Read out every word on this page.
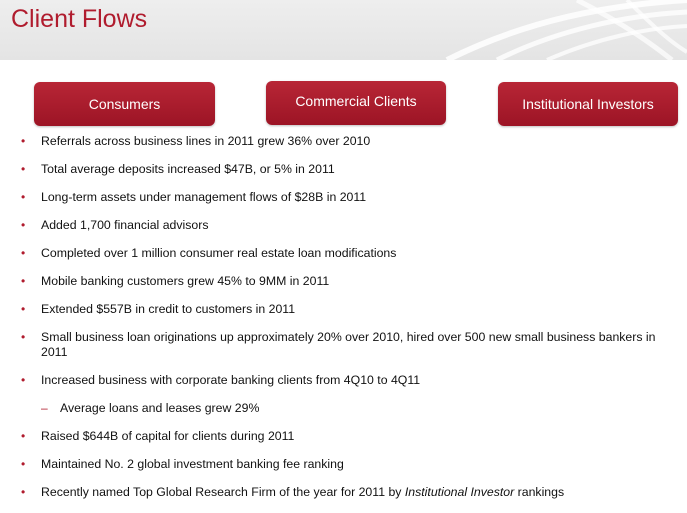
Client Flows
Consumers	Commercial Clients	Institutional Investors
• Referrals across business lines in 2011 grew 36% over 2010
• Total average deposits increased $47B, or 5% in 2011
• Long-term assets under management flows of $28B in 2011
• Added 1,700 financial advisors
• Completed over 1 million consumer real estate loan modifications
• Mobile banking customers grew 45% to 9MM in 2011
• Extended $557B in credit to customers in 2011
• Small business loan originations up approximately 20% over 2010, hired over 500 new small business bankers in 2011
• Increased business with corporate banking clients from 4Q10 to 4Q11
– Average loans and leases grew 29%
• Raised $644B of capital for clients during 2011
• Maintained No. 2 global investment banking fee ranking
• Recently named Top Global Research Firm of the year for 2011 by Institutional Investor rankings
